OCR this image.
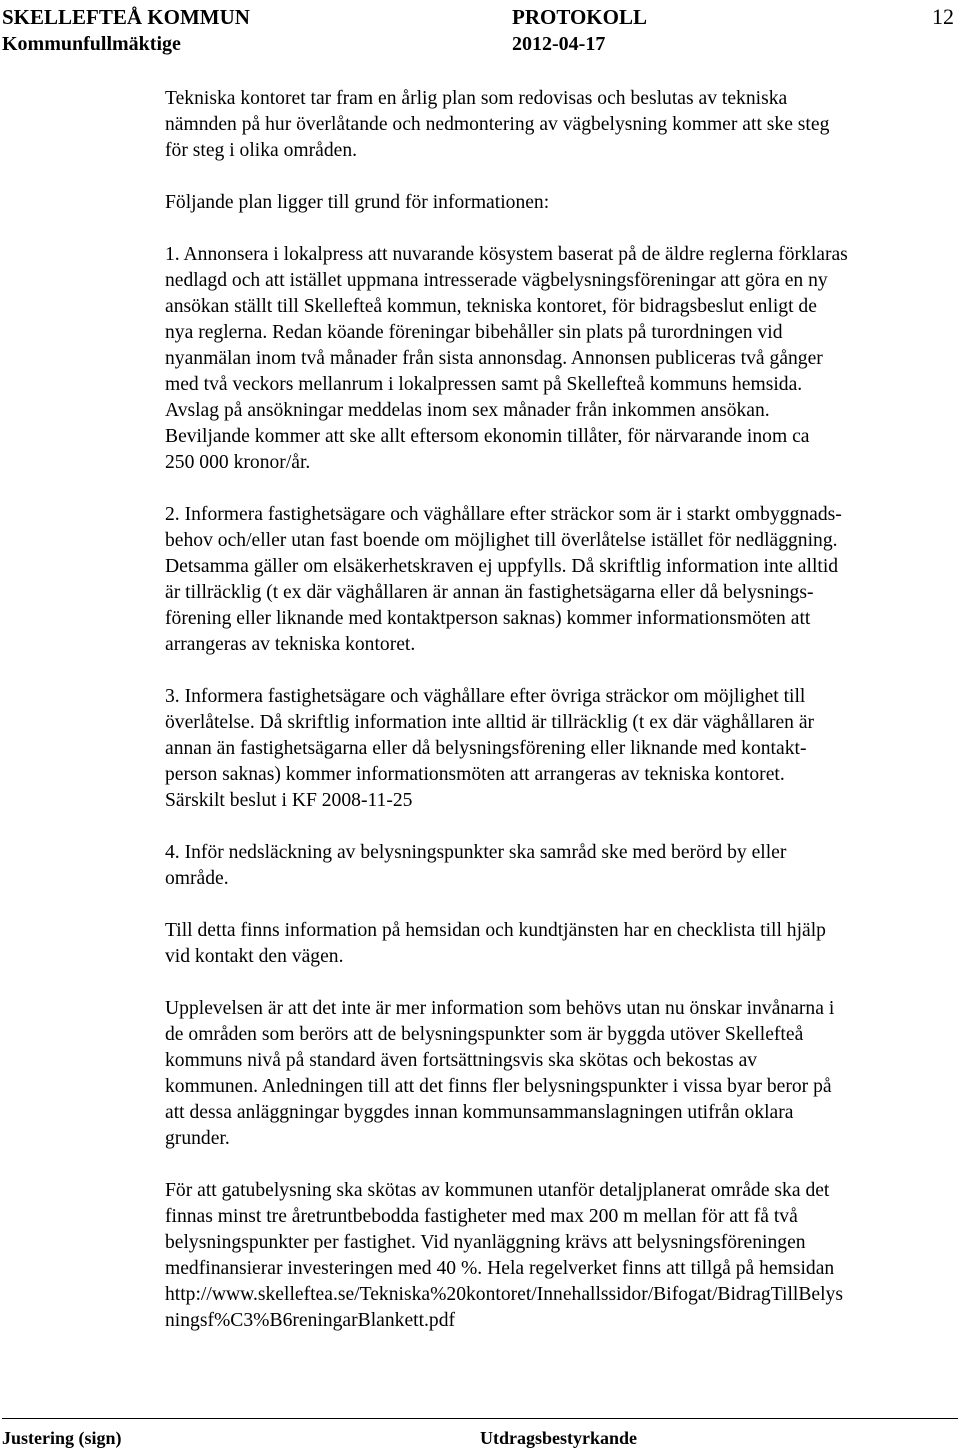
SKELLEFTEÅ KOMMUN	PROTOKOLL	12
Kommunfullmäktige	2012-04-17

Tekniska kontoret tar fram en årlig plan som redovisas och beslutas av tekniska
nämnden på hur överlåtande och nedmontering av vägbelysning kommer att ske steg
för steg i olika områden.

Följande plan ligger till grund för informationen:

1. Annonsera i lokalpress att nuvarande kösystem baserat på de äldre reglerna förklaras
nedlagd och att istället uppmana intresserade vägbelysningsföreningar att göra en ny
ansökan ställt till Skellefteå kommun, tekniska kontoret, för bidragsbeslut enligt de
nya reglerna. Redan köande föreningar bibehåller sin plats på turordningen vid
nyanmälan inom två månader från sista annonsdag. Annonsen publiceras två gånger
med två veckors mellanrum i lokalpressen samt på Skellefteå kommuns hemsida.
Avslag på ansökningar meddelas inom sex månader från inkommen ansökan.
Beviljande kommer att ske allt eftersom ekonomin tillåter, för närvarande inom ca
250 000 kronor/år.

2. Informera fastighetsägare och väghållare efter sträckor som är i starkt ombyggnads-
behov och/eller utan fast boende om möjlighet till överlåtelse istället för nedläggning.
Detsamma gäller om elsäkerhetskraven ej uppfylls. Då skriftlig information inte alltid
är tillräcklig (t ex där väghållaren är annan än fastighetsägarna eller då belysnings-
förening eller liknande med kontaktperson saknas) kommer informationsmöten att
arrangeras av tekniska kontoret.

3. Informera fastighetsägare och väghållare efter övriga sträckor om möjlighet till
överlåtelse. Då skriftlig information inte alltid är tillräcklig (t ex där väghållaren är
annan än fastighetsägarna eller då belysningsförening eller liknande med kontakt-
person saknas) kommer informationsmöten att arrangeras av tekniska kontoret.
Särskilt beslut i KF 2008-11-25

4. Inför nedsläckning av belysningspunkter ska samråd ske med berörd by eller
område.

Till detta finns information på hemsidan och kundtjänsten har en checklista till hjälp
vid kontakt den vägen.

Upplevelsen är att det inte är mer information som behövs utan nu önskar invånarna i
de områden som berörs att de belysningspunkter som är byggda utöver Skellefteå
kommuns nivå på standard även fortsättningsvis ska skötas och bekostas av
kommunen. Anledningen till att det finns fler belysningspunkter i vissa byar beror på
att dessa anläggningar byggdes innan kommunsammanslagningen utifrån oklara
grunder.

För att gatubelysning ska skötas av kommunen utanför detaljplanerat område ska det
finnas minst tre åretruntbebodda fastigheter med max 200 m mellan för att få två
belysningspunkter per fastighet. Vid nyanläggning krävs att belysningsföreningen
medfinansierar investeringen med 40 %. Hela regelverket finns att tillgå på hemsidan
http://www.skelleftea.se/Tekniska%20kontoret/Innehallssidor/Bifogat/BidragTillBelys
ningsf%C3%B6reningarBlankett.pdf

Justering (sign)	Utdragsbestyrkande
